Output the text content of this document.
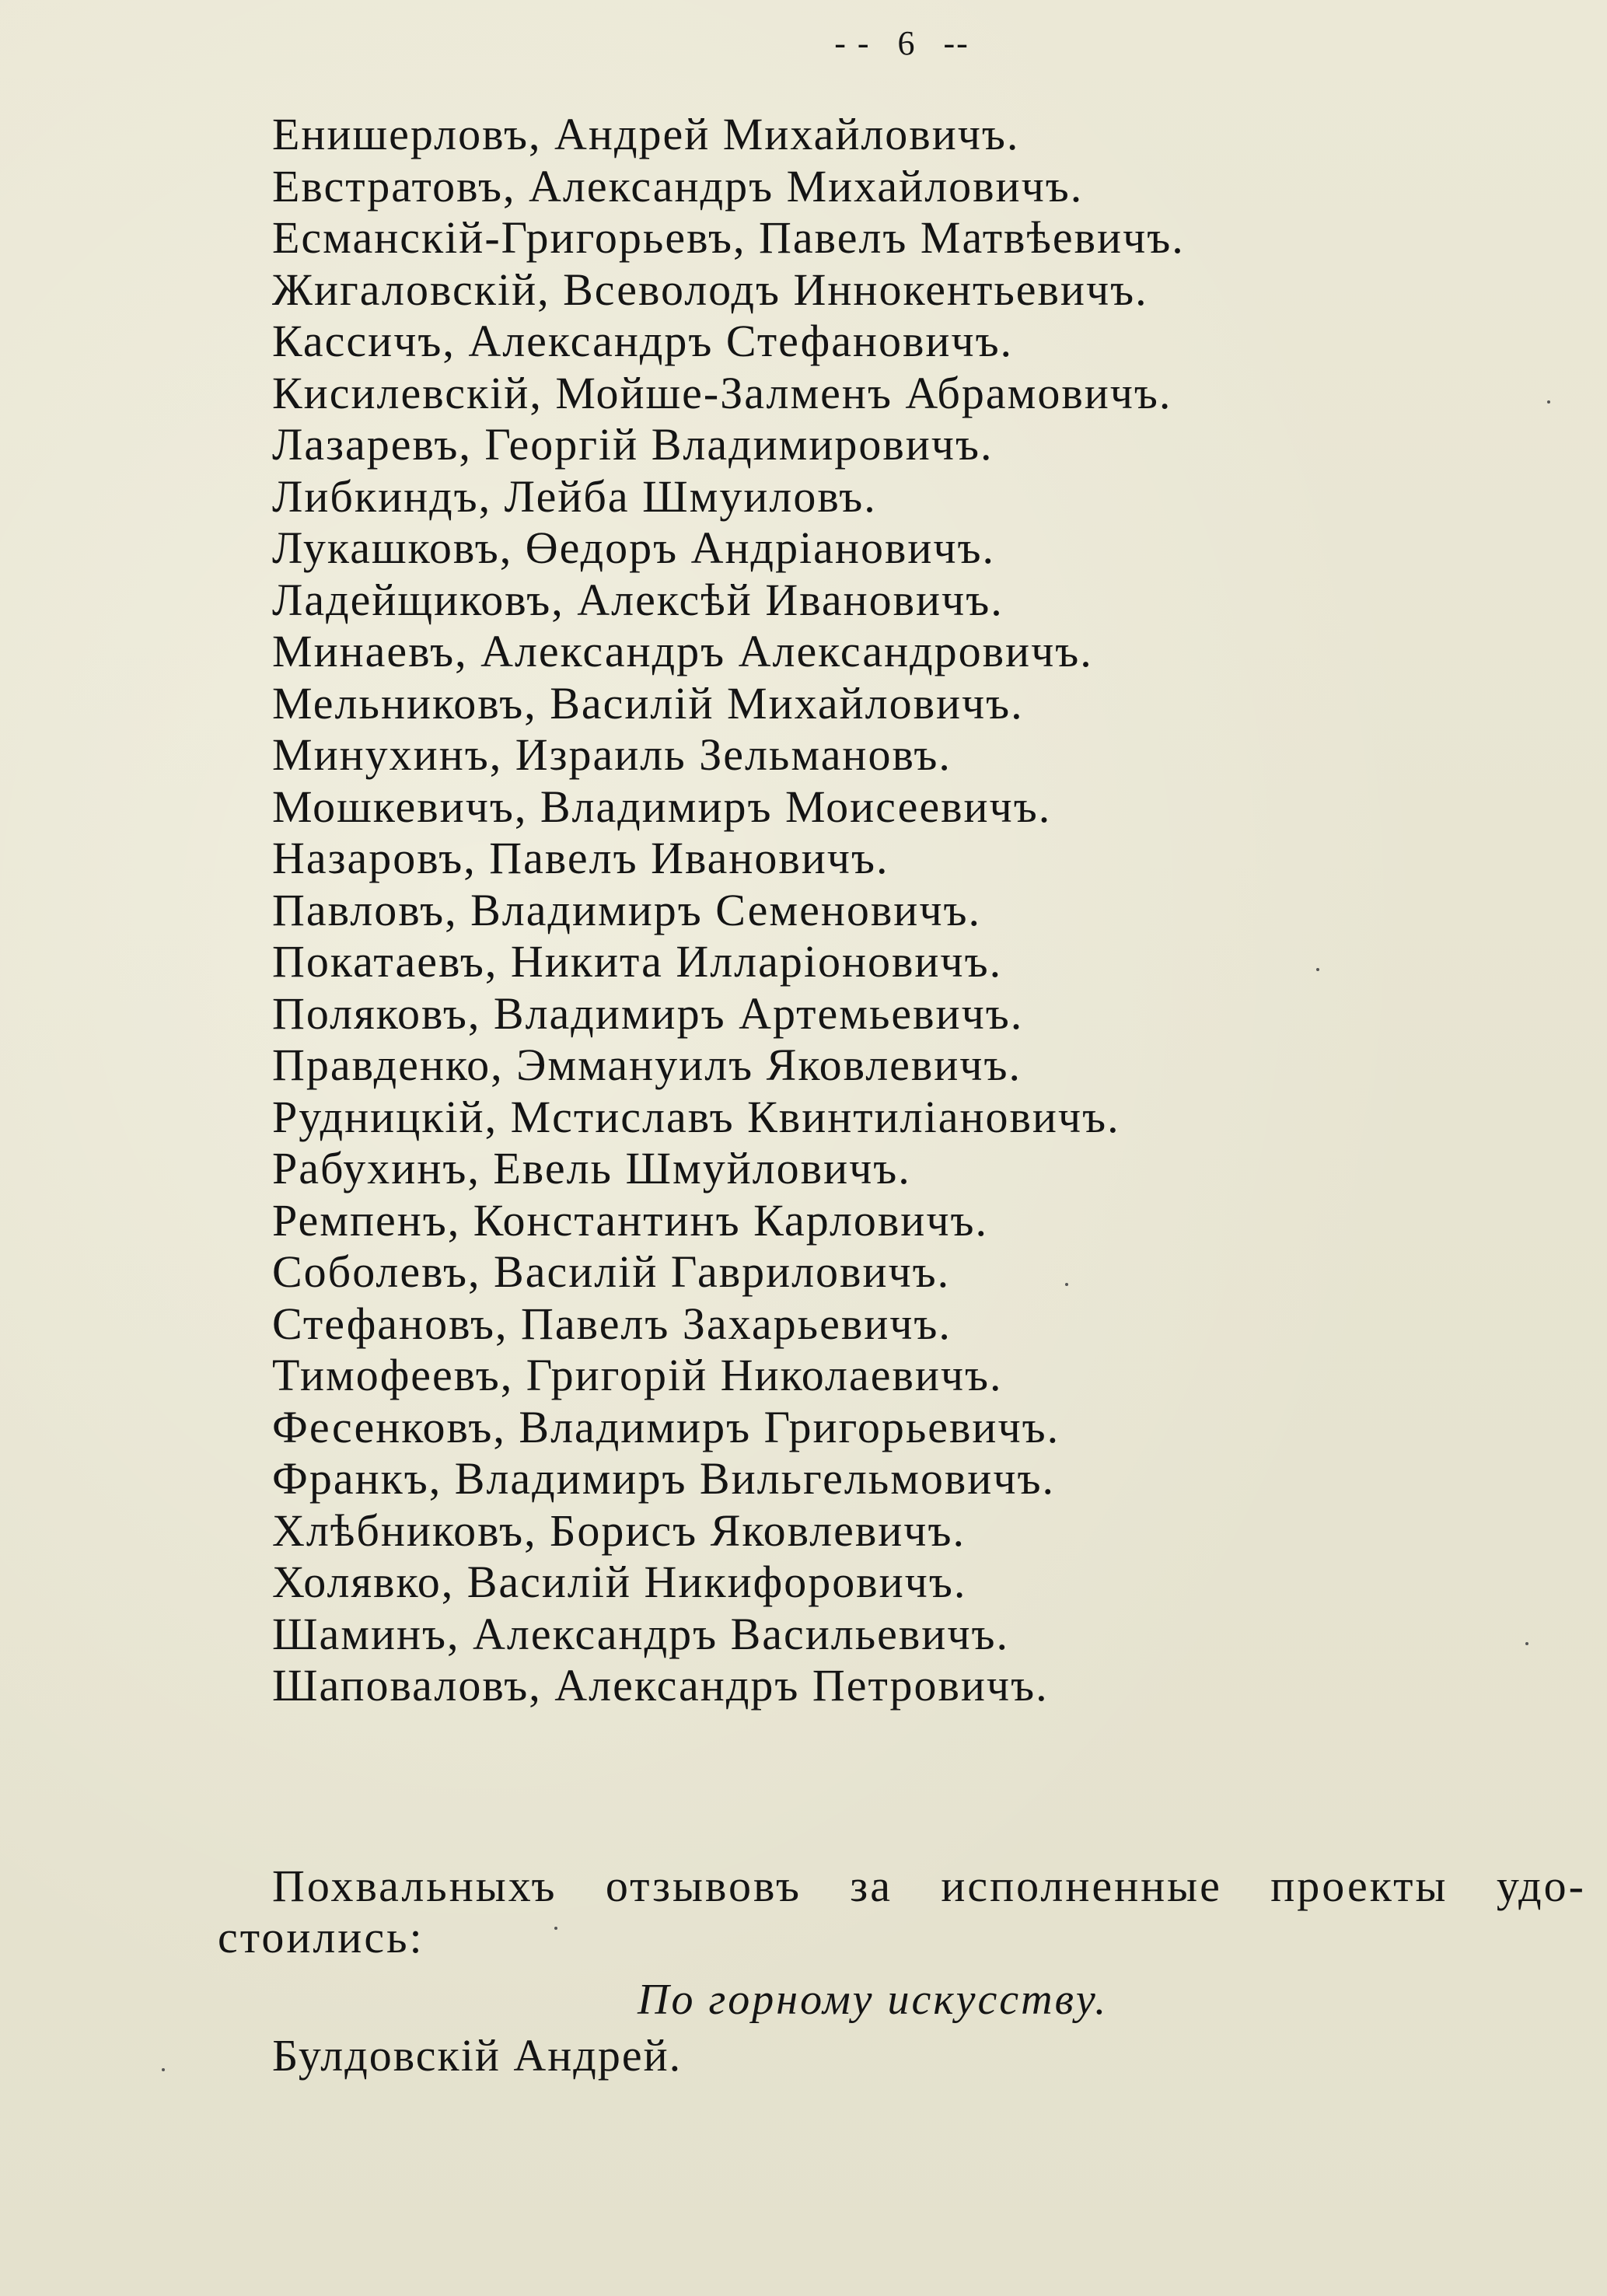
- - 6 --
Енишерловъ, Андрей Михайловичъ.
Евстратовъ, Александръ Михайловичъ.
Есманскій-Григорьевъ, Павелъ Матвѣевичъ.
Жигаловскій, Всеволодъ Иннокентьевичъ.
Кассичъ, Александръ Стефановичъ.
Кисилевскій, Мойше-Залменъ Абрамовичъ.
Лазаревъ, Георгій Владимировичъ.
Либкиндъ, Лейба Шмуиловъ.
Лукашковъ, Өедоръ Андріановичъ.
Ладейщиковъ, Алексѣй Ивановичъ.
Минаевъ, Александръ Александровичъ.
Мельниковъ, Василій Михайловичъ.
Минухинъ, Израиль Зельмановъ.
Мошкевичъ, Владимиръ Моисеевичъ.
Назаровъ, Павелъ Ивановичъ.
Павловъ, Владимиръ Семеновичъ.
Покатаевъ, Никита Илларіоновичъ.
Поляковъ, Владимиръ Артемьевичъ.
Правденко, Эммануилъ Яковлевичъ.
Рудницкій, Мстиславъ Квинтиліановичъ.
Рабухинъ, Евель Шмуйловичъ.
Ремпенъ, Константинъ Карловичъ.
Соболевъ, Василій Гавриловичъ.
Стефановъ, Павелъ Захарьевичъ.
Тимофеевъ, Григорій Николаевичъ.
Фесенковъ, Владимиръ Григорьевичъ.
Франкъ, Владимиръ Вильгельмовичъ.
Хлѣбниковъ, Борисъ Яковлевичъ.
Холявко, Василій Никифоровичъ.
Шаминъ, Александръ Васильевичъ.
Шаповаловъ, Александръ Петровичъ.
Похвальныхъ отзывовъ за исполненные проекты удо-
стоились:
По горному искусству.
Булдовскій Андрей.
